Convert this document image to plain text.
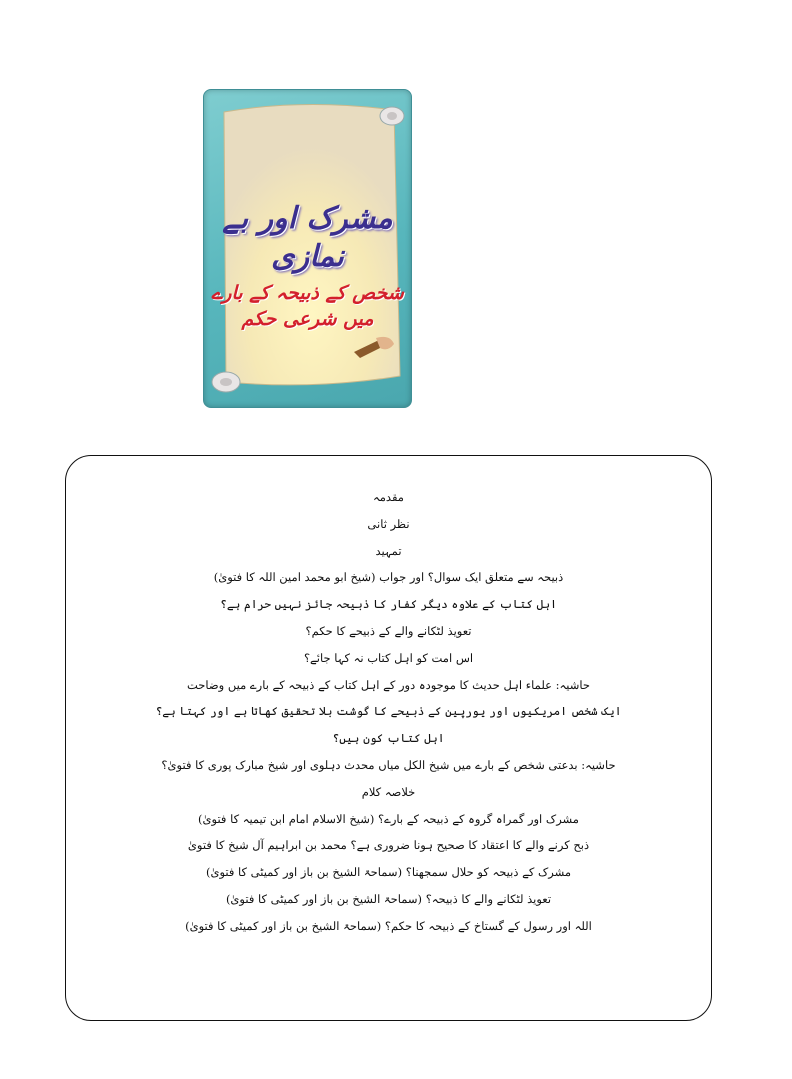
مشرک اور بے نمازی
شخص کے ذبیحہ کے بارے میں شرعی حکم
مقدمہ
نظر ثانی
تمہید
ذبیحہ سے متعلق ایک سوال؟ اور جواب (شیخ ابو محمد امین اللہ کا فتویٰ)
اہل کتاب کے علاوہ دیگر کفار کا ذبیحہ جائز نہیں حرام ہے؟
تعویذ لٹکانے والے کے ذبیحے کا حکم؟
اس امت کو اہل کتاب نہ کہا جائے؟
حاشیہ: علماء اہل حدیث کا موجودہ دور کے اہل کتاب کے ذبیحہ کے بارے میں وضاحت
ایک شخص امریکیوں اور یورپین کے ذبیحے کا گوشت بلا تحقیق کھاتا ہے اور کہتا ہے؟
اہل کتاب کون ہیں؟
حاشیہ: بدعتی شخص کے بارے میں شیخ الکل میاں محدث دہلوی اور شیخ مبارک پوری کا فتویٰ؟
خلاصہ کلام
مشرک اور گمراہ گروہ کے ذبیحہ کے بارے؟ (شیخ الاسلام امام ابن تیمیہ کا فتویٰ)
ذبح کرنے والے کا اعتقاد کا صحیح ہونا ضروری ہے؟ محمد بن ابراہیم آل شیخ کا فتویٰ
مشرک کے ذبیحہ کو حلال سمجھنا؟ (سماحۃ الشیخ بن باز اور کمیٹی کا فتویٰ)
تعویذ لٹکانے والے کا ذبیحہ؟ (سماحۃ الشیخ بن باز اور کمیٹی کا فتویٰ)
اللہ اور رسول کے گستاخ کے ذبیحہ کا حکم؟ (سماحۃ الشیخ بن باز اور کمیٹی کا فتویٰ)
